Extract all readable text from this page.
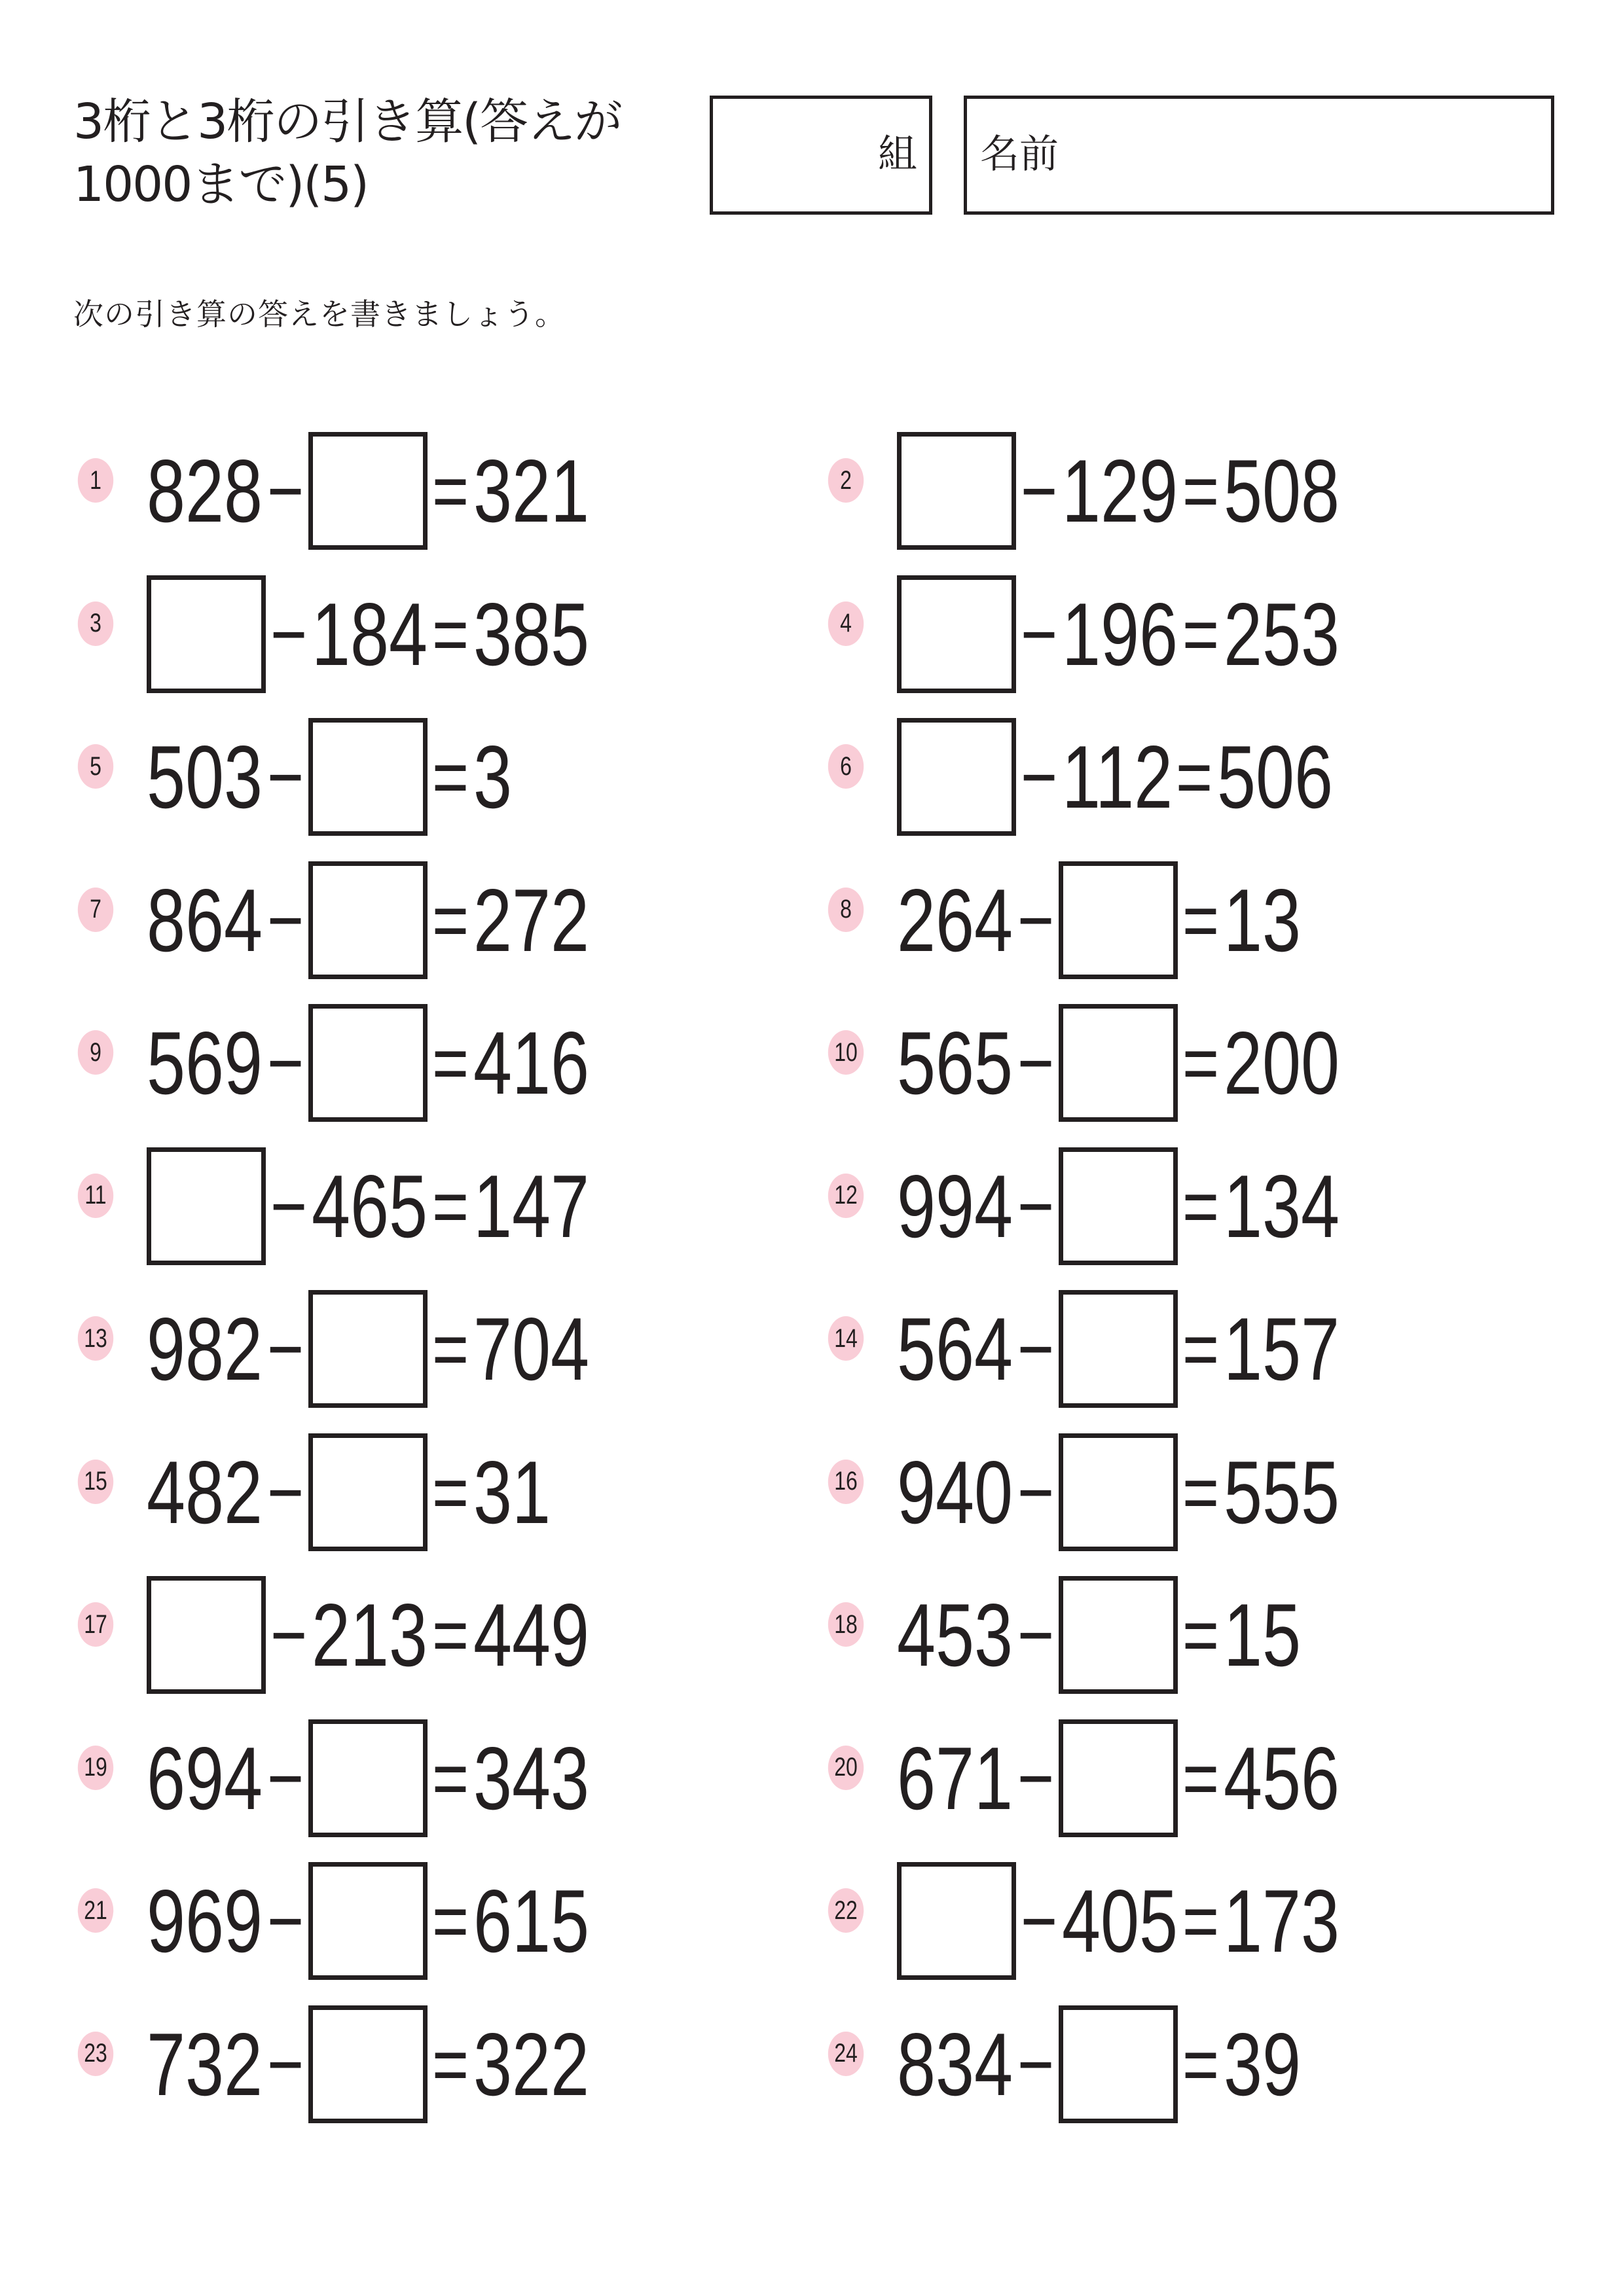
3桁と3桁の引き算(答えが1000まで)(5)
組 名前
次の引き算の答えを書きましょう。
1 828 − = 321	2 − 129 = 508
3 − 184 = 385	4 − 196 = 253
5 503 − = 3	6 − 112 = 506
7 864 − = 272	8 264 − = 13
9 569 − = 416	10 565 − = 200
11 − 465 = 147	12 994 − = 134
13 982 − = 704	14 564 − = 157
15 482 − = 31	16 940 − = 555
17 − 213 = 449	18 453 − = 15
19 694 − = 343	20 671 − = 456
21 969 − = 615	22 − 405 = 173
23 732 − = 322	24 834 − = 39
